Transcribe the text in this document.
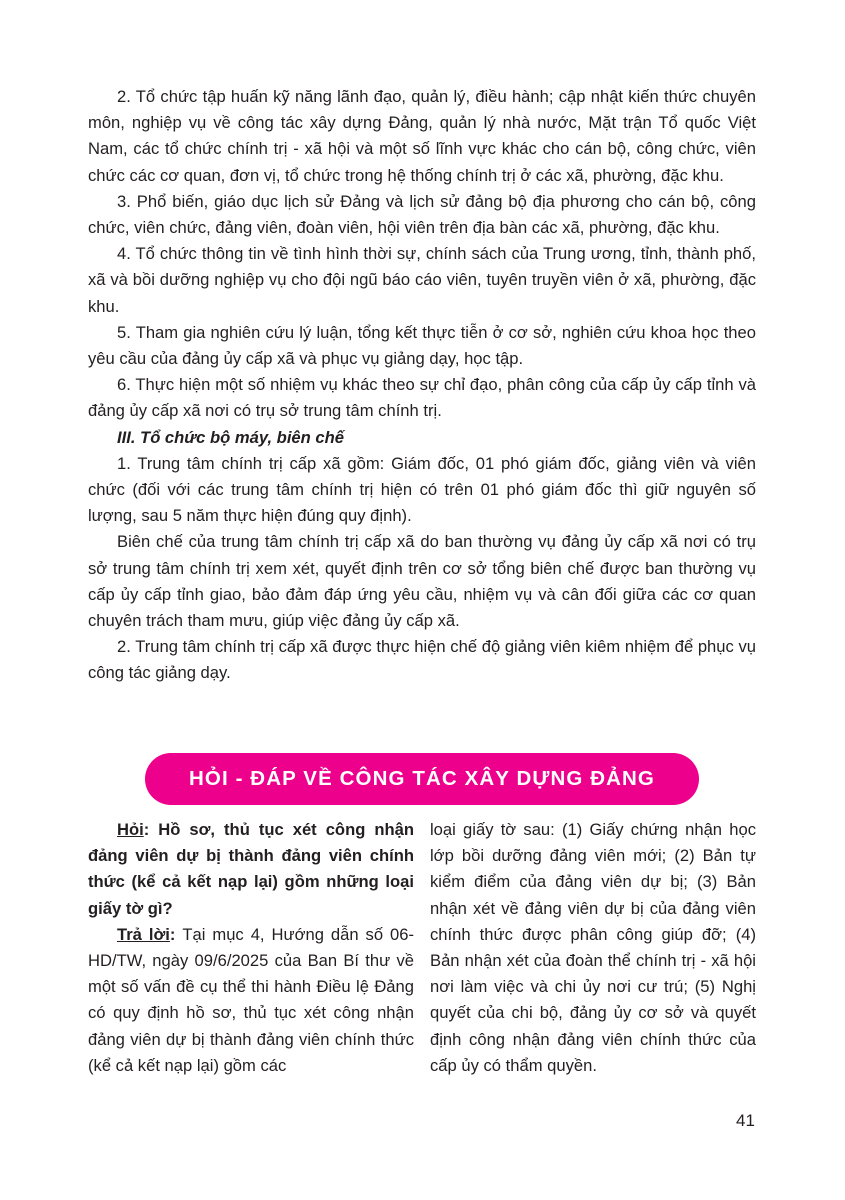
2. Tổ chức tập huấn kỹ năng lãnh đạo, quản lý, điều hành; cập nhật kiến thức chuyên môn, nghiệp vụ về công tác xây dựng Đảng, quản lý nhà nước, Mặt trận Tổ quốc Việt Nam, các tổ chức chính trị - xã hội và một số lĩnh vực khác cho cán bộ, công chức, viên chức các cơ quan, đơn vị, tổ chức trong hệ thống chính trị ở các xã, phường, đặc khu.

3. Phổ biến, giáo dục lịch sử Đảng và lịch sử đảng bộ địa phương cho cán bộ, công chức, viên chức, đảng viên, đoàn viên, hội viên trên địa bàn các xã, phường, đặc khu.

4. Tổ chức thông tin về tình hình thời sự, chính sách của Trung ương, tỉnh, thành phố, xã và bồi dưỡng nghiệp vụ cho đội ngũ báo cáo viên, tuyên truyền viên ở xã, phường, đặc khu.

5. Tham gia nghiên cứu lý luận, tổng kết thực tiễn ở cơ sở, nghiên cứu khoa học theo yêu cầu của đảng ủy cấp xã và phục vụ giảng dạy, học tập.

6. Thực hiện một số nhiệm vụ khác theo sự chỉ đạo, phân công của cấp ủy cấp tỉnh và đảng ủy cấp xã nơi có trụ sở trung tâm chính trị.

III. Tổ chức bộ máy, biên chế

1. Trung tâm chính trị cấp xã gồm: Giám đốc, 01 phó giám đốc, giảng viên và viên chức (đối với các trung tâm chính trị hiện có trên 01 phó giám đốc thì giữ nguyên số lượng, sau 5 năm thực hiện đúng quy định).

Biên chế của trung tâm chính trị cấp xã do ban thường vụ đảng ủy cấp xã nơi có trụ sở trung tâm chính trị xem xét, quyết định trên cơ sở tổng biên chế được ban thường vụ cấp ủy cấp tỉnh giao, bảo đảm đáp ứng yêu cầu, nhiệm vụ và cân đối giữa các cơ quan chuyên trách tham mưu, giúp việc đảng ủy cấp xã.

2. Trung tâm chính trị cấp xã được thực hiện chế độ giảng viên kiêm nhiệm để phục vụ công tác giảng dạy.

HỎI - ĐÁP VỀ CÔNG TÁC XÂY DỰNG ĐẢNG

Hỏi: Hồ sơ, thủ tục xét công nhận đảng viên dự bị thành đảng viên chính thức (kể cả kết nạp lại) gồm những loại giấy tờ gì?

Trả lời: Tại mục 4, Hướng dẫn số 06-HD/TW, ngày 09/6/2025 của Ban Bí thư về một số vấn đề cụ thể thi hành Điều lệ Đảng có quy định hồ sơ, thủ tục xét công nhận đảng viên dự bị thành đảng viên chính thức (kể cả kết nạp lại) gồm các

loại giấy tờ sau: (1) Giấy chứng nhận học lớp bồi dưỡng đảng viên mới; (2) Bản tự kiểm điểm của đảng viên dự bị; (3) Bản nhận xét về đảng viên dự bị của đảng viên chính thức được phân công giúp đỡ; (4) Bản nhận xét của đoàn thể chính trị - xã hội nơi làm việc và chi ủy nơi cư trú; (5) Nghị quyết của chi bộ, đảng ủy cơ sở và quyết định công nhận đảng viên chính thức của cấp ủy có thẩm quyền.

41
